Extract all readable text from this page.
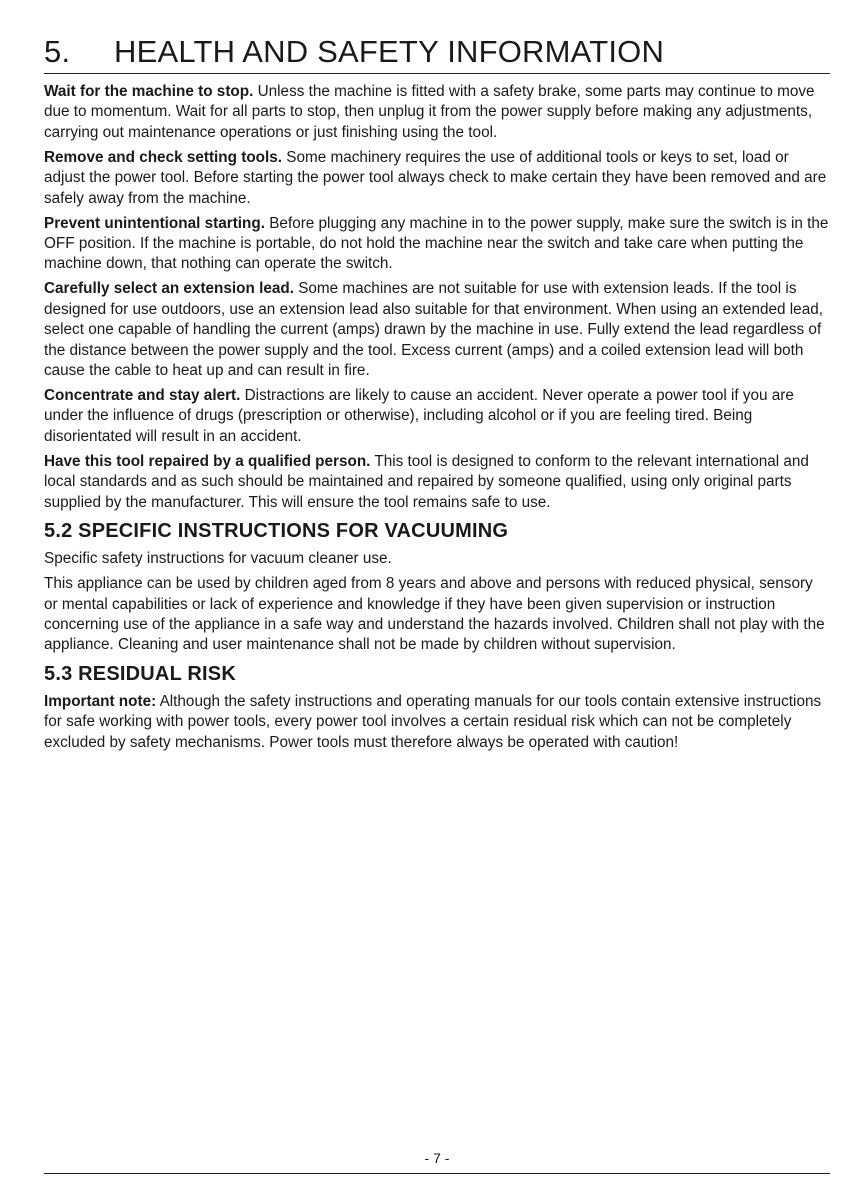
5. HEALTH AND SAFETY INFORMATION

Wait for the machine to stop. Unless the machine is fitted with a safety brake, some parts may continue to move due to momentum. Wait for all parts to stop, then unplug it from the power supply before making any adjustments, carrying out maintenance operations or just finishing using the tool.

Remove and check setting tools. Some machinery requires the use of additional tools or keys to set, load or adjust the power tool. Before starting the power tool always check to make certain they have been removed and are safely away from the machine.

Prevent unintentional starting. Before plugging any machine in to the power supply, make sure the switch is in the OFF position. If the machine is portable, do not hold the machine near the switch and take care when putting the machine down, that nothing can operate the switch.

Carefully select an extension lead. Some machines are not suitable for use with extension leads. If the tool is designed for use outdoors, use an extension lead also suitable for that environment. When using an extended lead, select one capable of handling the current (amps) drawn by the machine in use. Fully extend the lead regardless of the distance between the power supply and the tool. Excess current (amps) and a coiled extension lead will both cause the cable to heat up and can result in fire.

Concentrate and stay alert. Distractions are likely to cause an accident. Never operate a power tool if you are under the influence of drugs (prescription or otherwise), including alcohol or if you are feeling tired. Being disorientated will result in an accident.

Have this tool repaired by a qualified person. This tool is designed to conform to the relevant international and local standards and as such should be maintained and repaired by someone qualified, using only original parts supplied by the manufacturer. This will ensure the tool remains safe to use.

5.2 SPECIFIC INSTRUCTIONS FOR VACUUMING

Specific safety instructions for vacuum cleaner use.

This appliance can be used by children aged from 8 years and above and persons with reduced physical, sensory or mental capabilities or lack of experience and knowledge if they have been given supervision or instruction concerning use of the appliance in a safe way and understand the hazards involved. Children shall not play with the appliance. Cleaning and user maintenance shall not be made by children without supervision.

5.3 RESIDUAL RISK

Important note: Although the safety instructions and operating manuals for our tools contain extensive instructions for safe working with power tools, every power tool involves a certain residual risk which can not be completely excluded by safety mechanisms. Power tools must therefore always be operated with caution!

- 7 -
